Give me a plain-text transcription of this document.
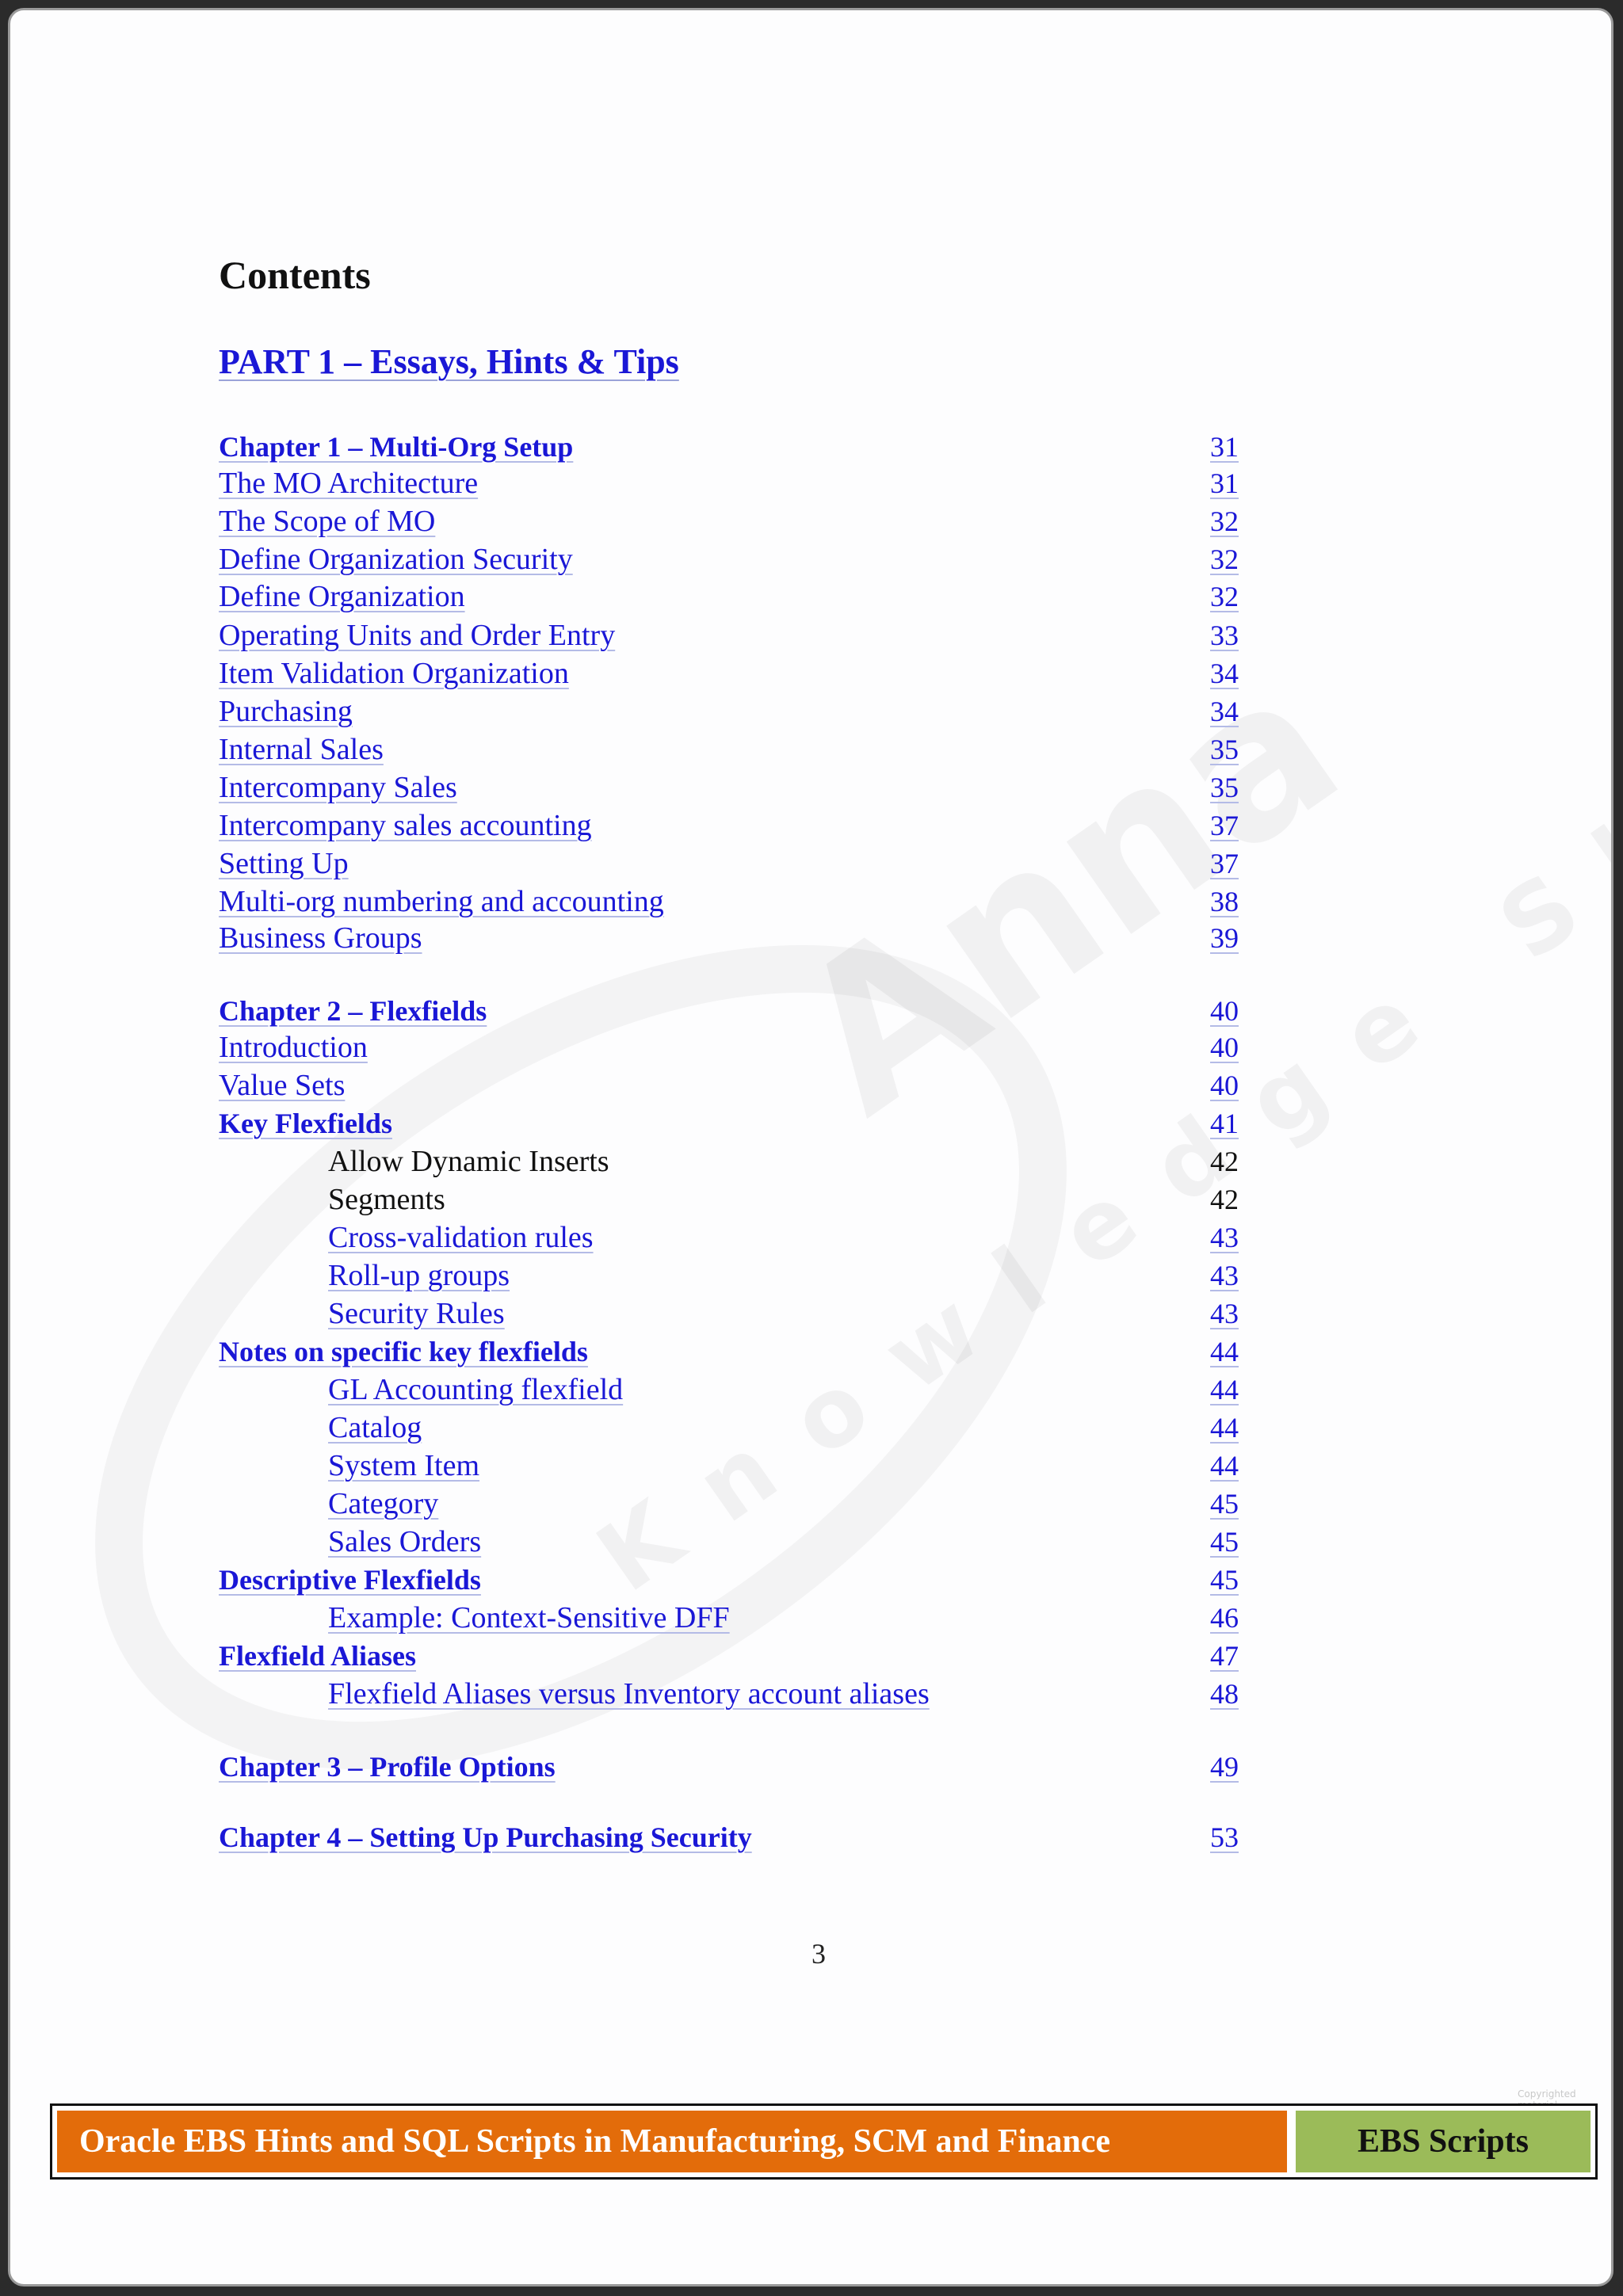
Contents
PART 1 – Essays, Hints & Tips
Chapter 1 – Multi-Org Setup	31
The MO Architecture	31
The Scope of MO	32
Define Organization Security	32
Define Organization	32
Operating Units and Order Entry	33
Item Validation Organization	34
Purchasing	34
Internal Sales	35
Intercompany Sales	35
Intercompany sales accounting	37
Setting Up	37
Multi-org numbering and accounting	38
Business Groups	39
Chapter 2 – Flexfields	40
Introduction	40
Value Sets	40
Key Flexfields	41
Allow Dynamic Inserts	42
Segments	42
Cross-validation rules	43
Roll-up groups	43
Security Rules	43
Notes on specific key flexfields	44
GL Accounting flexfield	44
Catalog	44
System Item	44
Category	45
Sales Orders	45
Descriptive Flexfields	45
Example: Context-Sensitive DFF	46
Flexfield Aliases	47
Flexfield Aliases versus Inventory account aliases	48
Chapter 3 – Profile Options	49
Chapter 4 – Setting Up Purchasing Security	53
3
Copyrighted
Oracle EBS Hints and SQL Scripts in Manufacturing, SCM and Finance	EBS Scripts
